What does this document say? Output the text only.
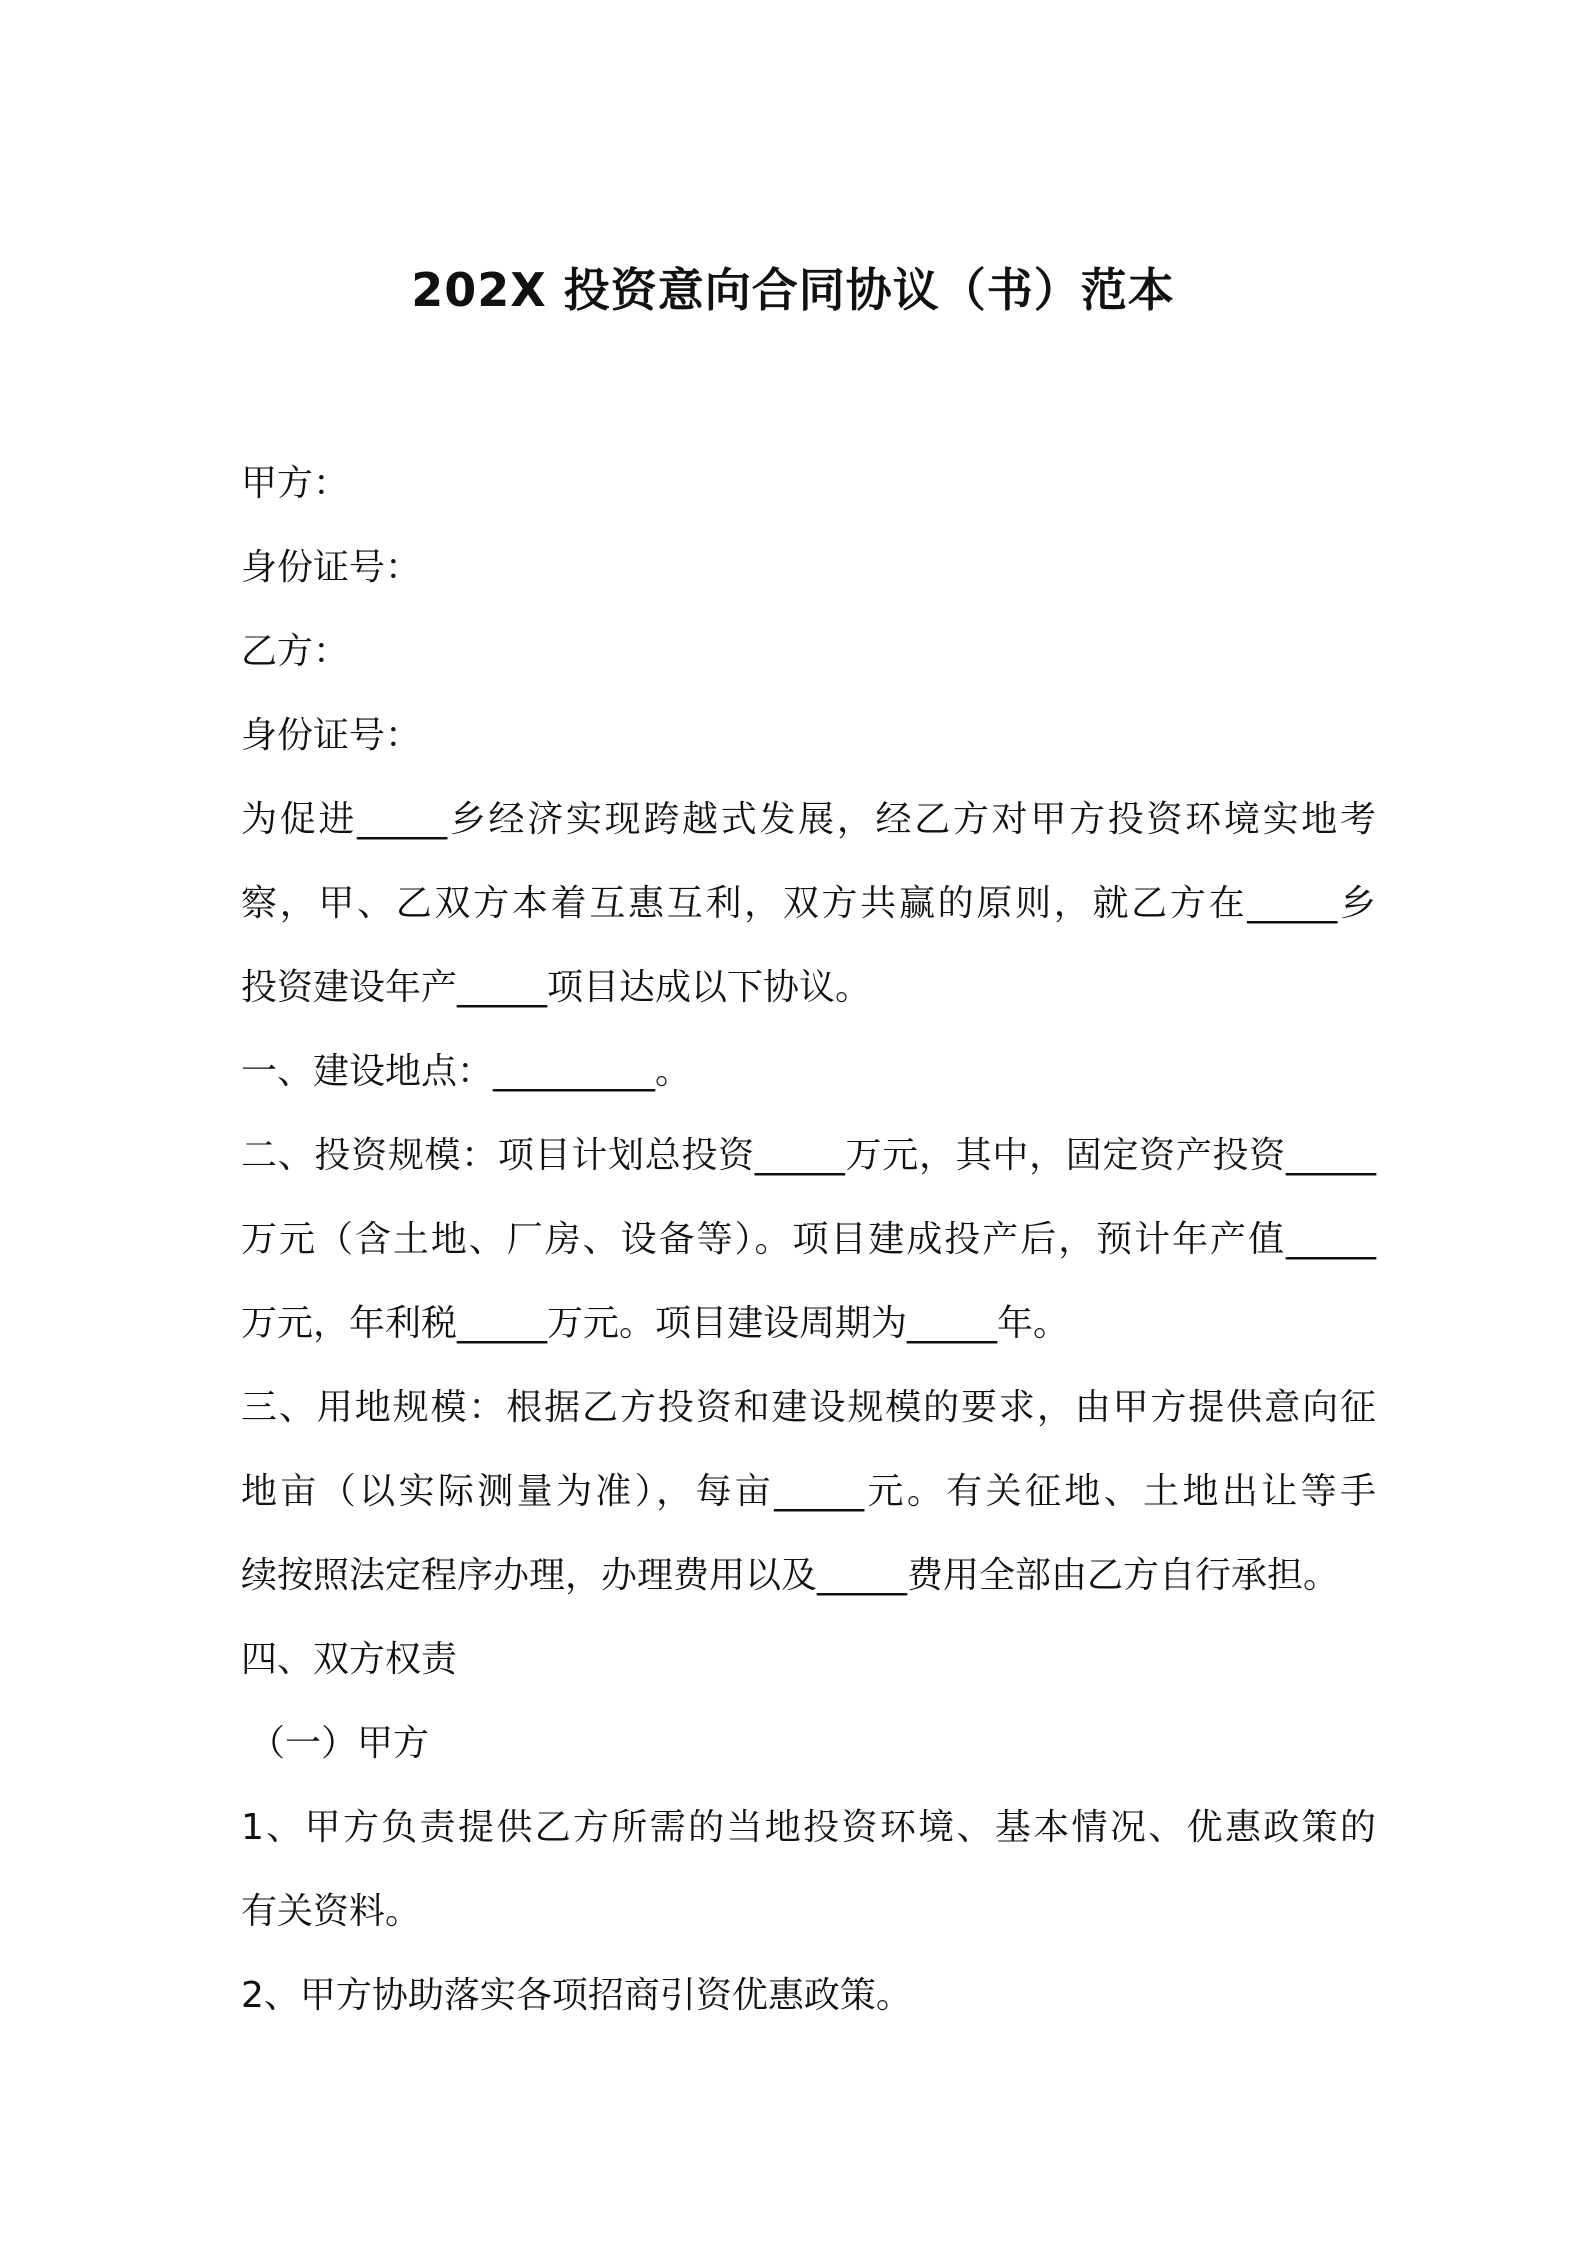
202X 投资意向合同协议（书）范本
甲方：
身份证号：
乙方：
身份证号：
为促进_____乡经济实现跨越式发展，经乙方对甲方投资环境实地考
察，甲、乙双方本着互惠互利，双方共赢的原则，就乙方在_____乡
投资建设年产_____项目达成以下协议。
一、建设地点：_________。
二、投资规模：项目计划总投资_____万元，其中，固定资产投资_____
万元（含土地、厂房、设备等）。项目建成投产后，预计年产值_____
万元，年利税_____万元。项目建设周期为_____年。
三、用地规模：根据乙方投资和建设规模的要求，由甲方提供意向征
地亩（以实际测量为准），每亩_____元。有关征地、土地出让等手
续按照法定程序办理，办理费用以及_____费用全部由乙方自行承担。
四、双方权责
（一）甲方
1、甲方负责提供乙方所需的当地投资环境、基本情况、优惠政策的
有关资料。
2、甲方协助落实各项招商引资优惠政策。
